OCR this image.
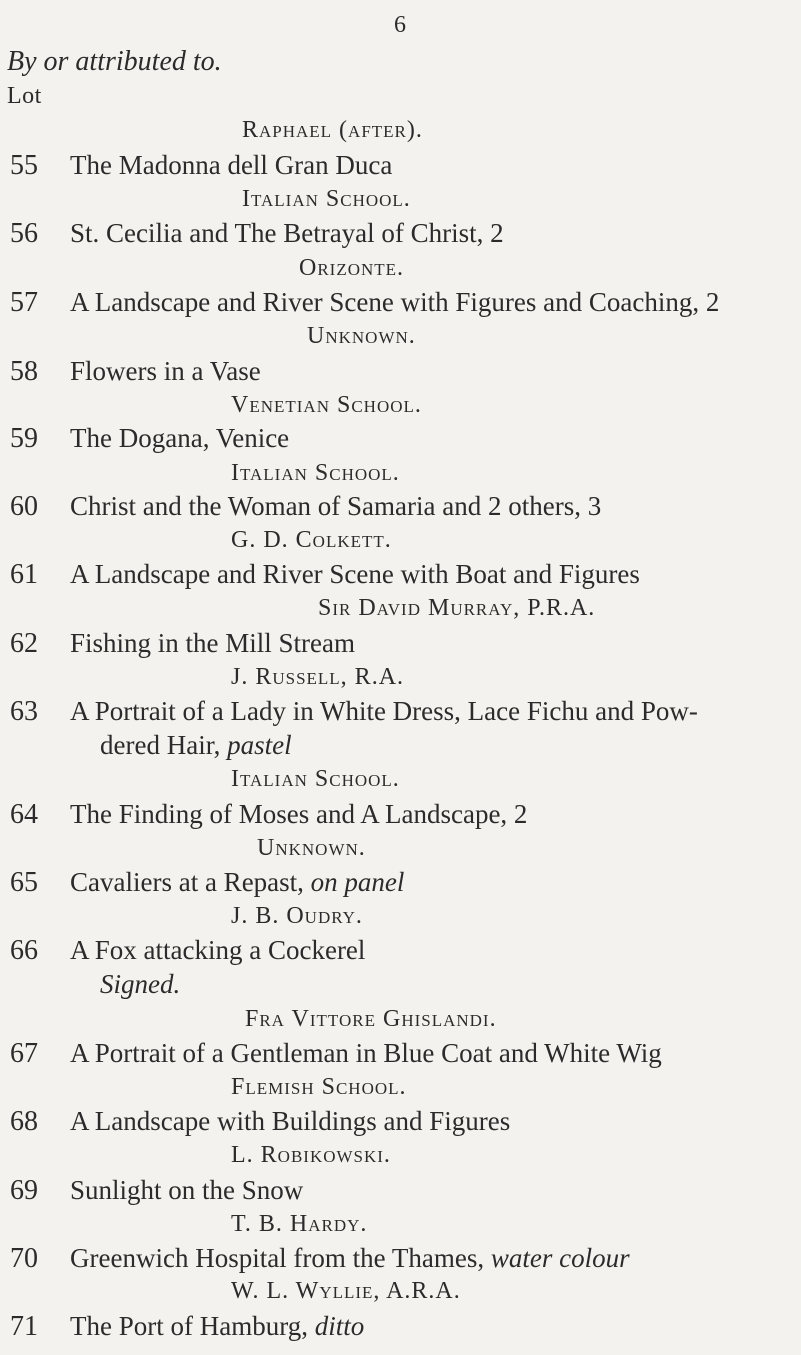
6
By or attributed to.
Lot
Raphael (after).
55 The Madonna dell Gran Duca
Italian School.
56 St. Cecilia and The Betrayal of Christ, 2
Orizonte.
57 A Landscape and River Scene with Figures and Coaching, 2
Unknown.
58 Flowers in a Vase
Venetian School.
59 The Dogana, Venice
Italian School.
60 Christ and the Woman of Samaria and 2 others, 3
G. D. Colkett.
61 A Landscape and River Scene with Boat and Figures
Sir David Murray, P.R.A.
62 Fishing in the Mill Stream
J. Russell, R.A.
63 A Portrait of a Lady in White Dress, Lace Fichu and Pow-
dered Hair, pastel
Italian School.
64 The Finding of Moses and A Landscape, 2
Unknown.
65 Cavaliers at a Repast, on panel
J. B. Oudry.
66 A Fox attacking a Cockerel
Signed.
Fra Vittore Ghislandi.
67 A Portrait of a Gentleman in Blue Coat and White Wig
Flemish School.
68 A Landscape with Buildings and Figures
L. Robikowski.
69 Sunlight on the Snow
T. B. Hardy.
70 Greenwich Hospital from the Thames, water colour
W. L. Wyllie, A.R.A.
71 The Port of Hamburg, ditto
